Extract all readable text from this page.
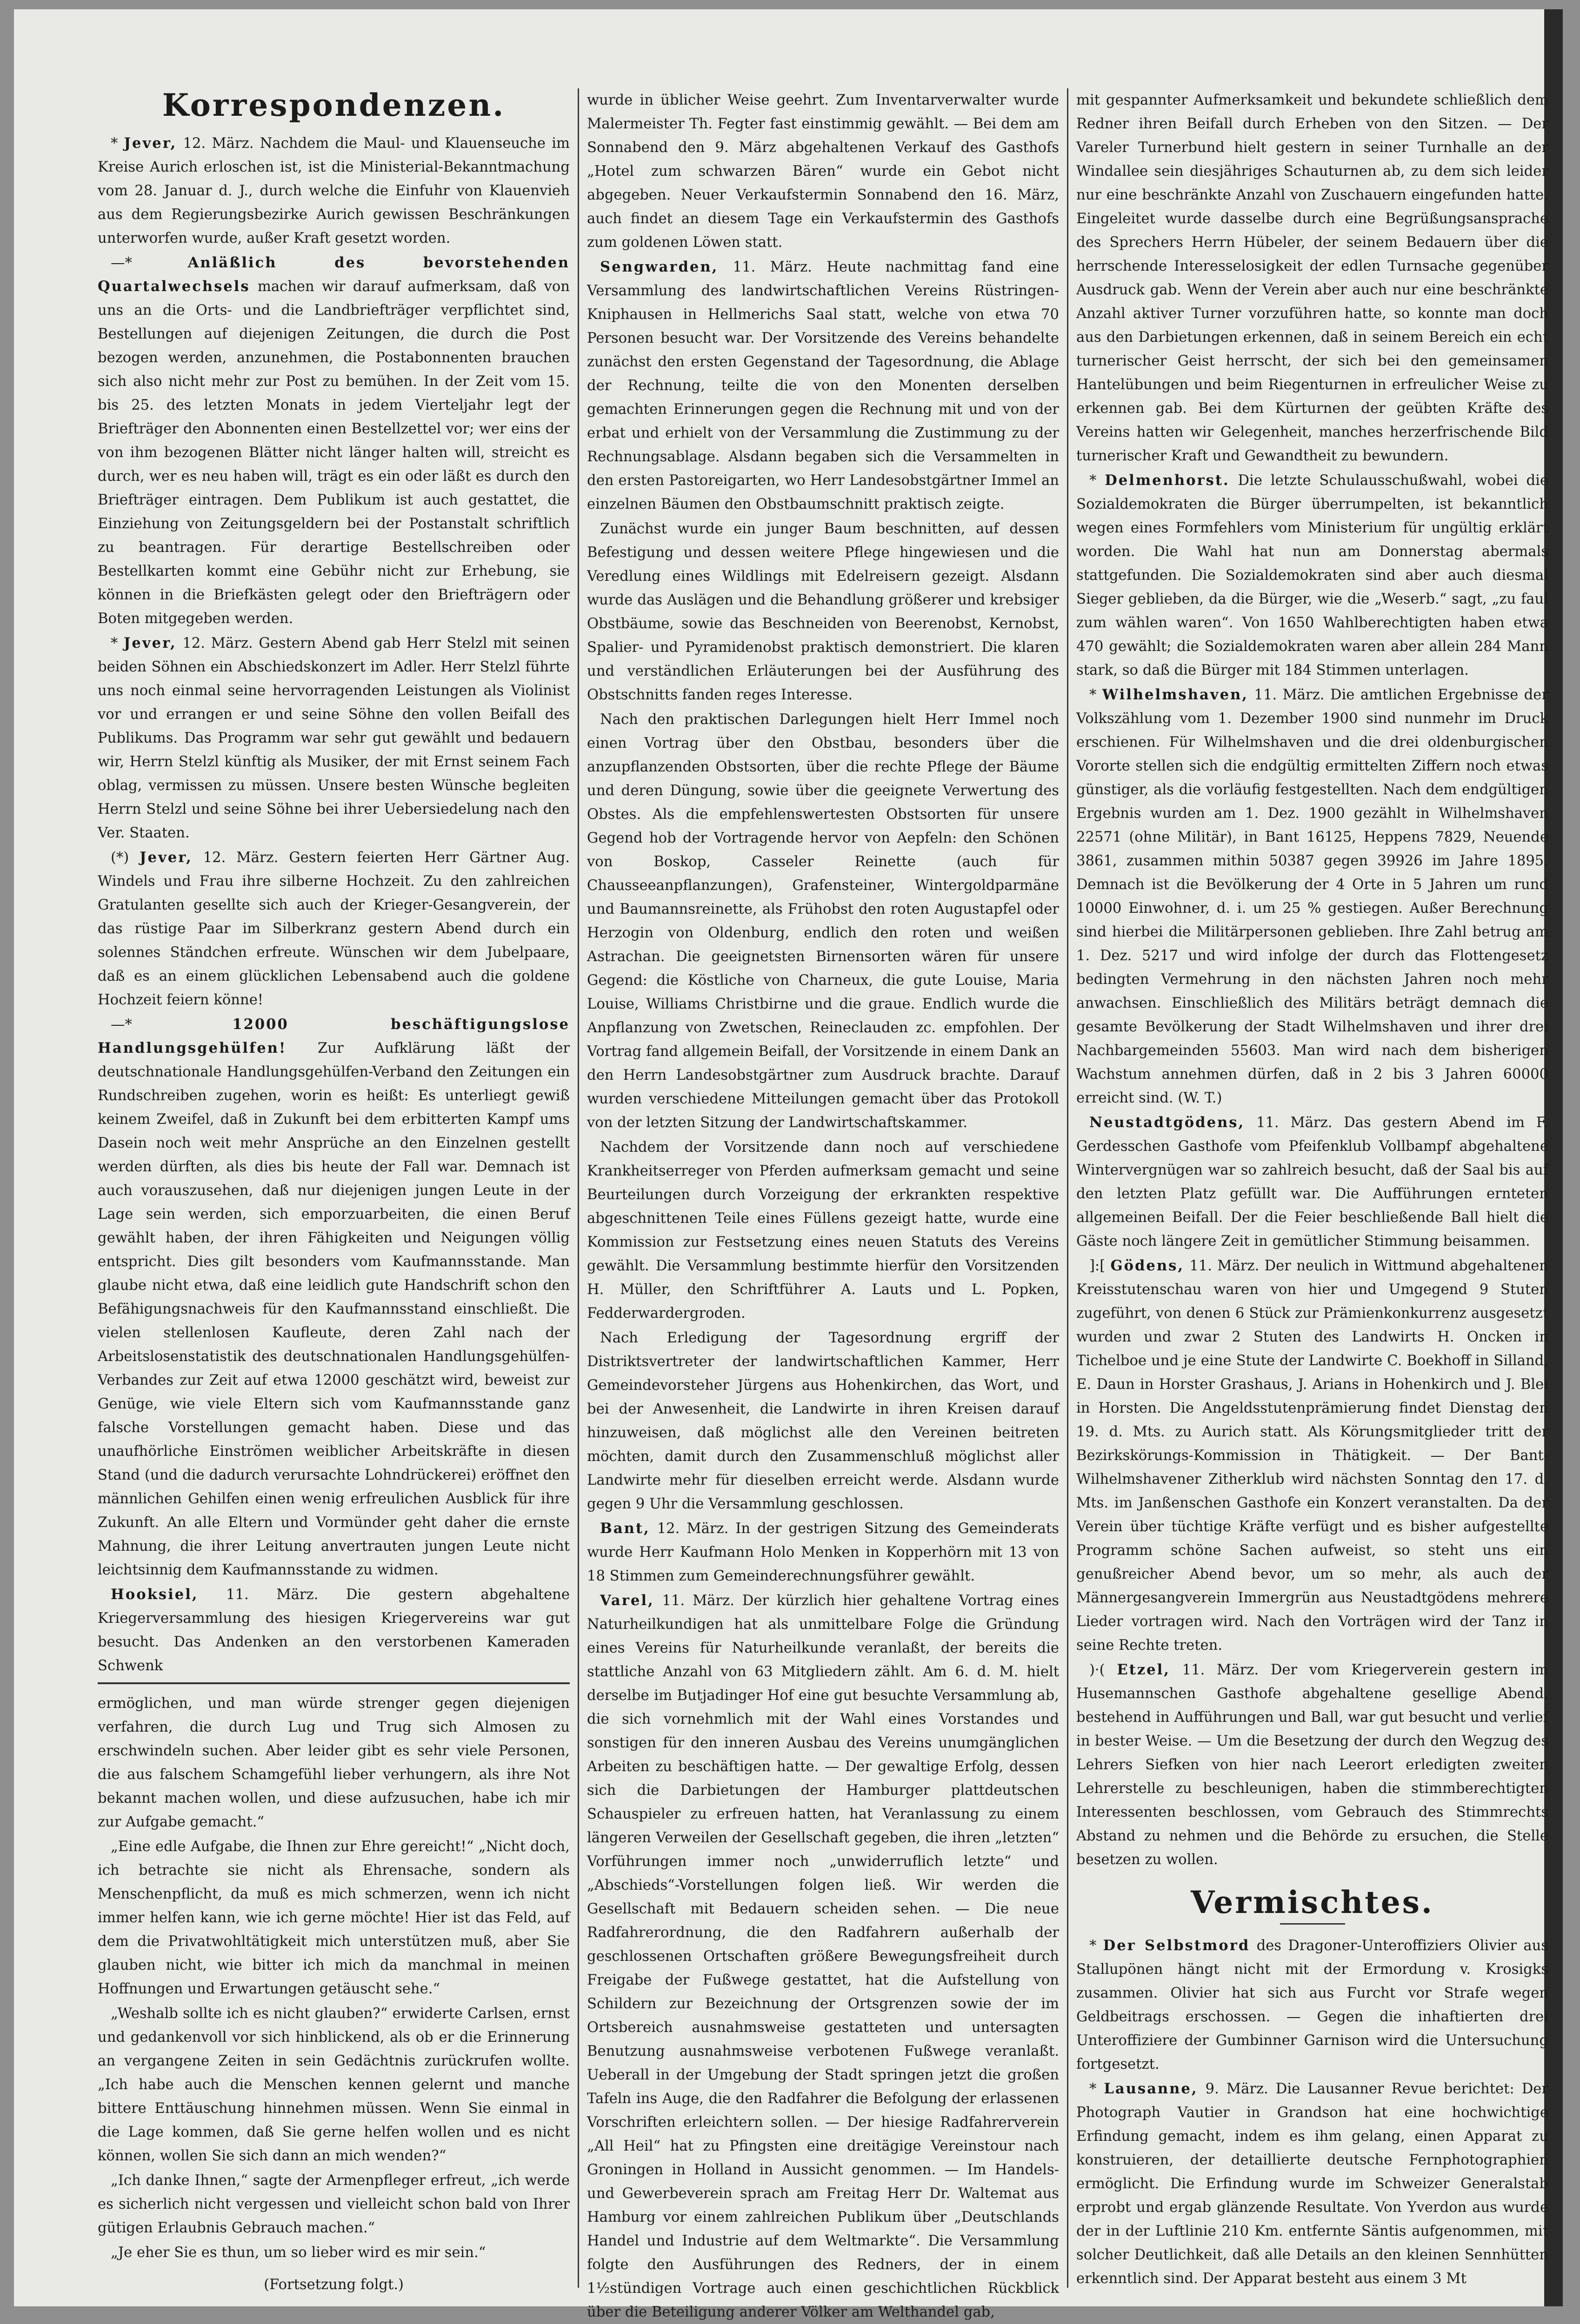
Korrespondenzen.

* Jever, 12. März. Nachdem die Maul- und Klauenseuche im Kreise Aurich erloschen ist, ist die Ministerial-Bekanntmachung vom 28. Januar d. J., durch welche die Einfuhr von Klauenvieh aus dem Regierungsbezirke Aurich gewissen Beschränkungen unterworfen wurde, außer Kraft gesetzt worden.

—* Anläßlich des bevorstehenden Quartalwechsels machen wir darauf aufmerksam, daß von uns an die Orts- und die Landbriefträger verpflichtet sind, Bestellungen auf diejenigen Zeitungen, die durch die Post bezogen werden, anzunehmen, die Postabonnenten brauchen sich also nicht mehr zur Post zu bemühen. In der Zeit vom 15. bis 25. des letzten Monats in jedem Vierteljahr legt der Briefträger den Abonnenten einen Bestellzettel vor; wer eins der von ihm bezogenen Blätter nicht länger halten will, streicht es durch, wer es neu haben will, trägt es ein oder läßt es durch den Briefträger eintragen. Dem Publikum ist auch gestattet, die Einziehung von Zeitungsgeldern bei der Postanstalt schriftlich zu beantragen. Für derartige Bestellschreiben oder Bestellkarten kommt eine Gebühr nicht zur Erhebung, sie können in die Briefkästen gelegt oder den Briefträgern oder Boten mitgegeben werden.

* Jever, 12. März. Gestern Abend gab Herr Stelzl mit seinen beiden Söhnen ein Abschiedskonzert im Adler. Herr Stelzl führte uns noch einmal seine hervorragenden Leistungen als Violinist vor und errangen er und seine Söhne den vollen Beifall des Publikums. Das Programm war sehr gut gewählt und bedauern wir, Herrn Stelzl künftig als Musiker, der mit Ernst seinem Fach oblag, vermissen zu müssen. Unsere besten Wünsche begleiten Herrn Stelzl und seine Söhne bei ihrer Uebersiedelung nach den Ver. Staaten.

(*) Jever, 12. März. Gestern feierten Herr Gärtner Aug. Windels und Frau ihre silberne Hochzeit. Zu den zahlreichen Gratulanten gesellte sich auch der Krieger-Gesangverein, der das rüstige Paar im Silberkranz gestern Abend durch ein solennes Ständchen erfreute. Wünschen wir dem Jubelpaare, daß es an einem glücklichen Lebensabend auch die goldene Hochzeit feiern könne!

—* 12000 beschäftigungslose Handlungsgehülfen! Zur Aufklärung läßt der deutschnationale Handlungsgehülfen-Verband den Zeitungen ein Rundschreiben zugehen, worin es heißt: Es unterliegt gewiß keinem Zweifel, daß in Zukunft bei dem erbitterten Kampf ums Dasein noch weit mehr Ansprüche an den Einzelnen gestellt werden dürften, als dies bis heute der Fall war. Demnach ist auch vorauszusehen, daß nur diejenigen jungen Leute in der Lage sein werden, sich emporzuarbeiten, die einen Beruf gewählt haben, der ihren Fähigkeiten und Neigungen völlig entspricht. Dies gilt besonders vom Kaufmannsstande. Man glaube nicht etwa, daß eine leidlich gute Handschrift schon den Befähigungsnachweis für den Kaufmannsstand einschließt. Die vielen stellenlosen Kaufleute, deren Zahl nach der Arbeitslosenstatistik des deutschnationalen Handlungsgehülfen-Verbandes zur Zeit auf etwa 12000 geschätzt wird, beweist zur Genüge, wie viele Eltern sich vom Kaufmannsstande ganz falsche Vorstellungen gemacht haben. Diese und das unaufhörliche Einströmen weiblicher Arbeitskräfte in diesen Stand (und die dadurch verursachte Lohndrückerei) eröffnet den männlichen Gehilfen einen wenig erfreulichen Ausblick für ihre Zukunft. An alle Eltern und Vormünder geht daher die ernste Mahnung, die ihrer Leitung anvertrauten jungen Leute nicht leichtsinnig dem Kaufmannsstande zu widmen.

Hooksiel, 11. März. Die gestern abgehaltene Kriegerversammlung des hiesigen Kriegervereins war gut besucht. Das Andenken an den verstorbenen Kameraden Schwenk

ermöglichen, und man würde strenger gegen diejenigen verfahren, die durch Lug und Trug sich Almosen zu erschwindeln suchen. Aber leider gibt es sehr viele Personen, die aus falschem Schamgefühl lieber verhungern, als ihre Not bekannt machen wollen, und diese aufzusuchen, habe ich mir zur Aufgabe gemacht.“

„Eine edle Aufgabe, die Ihnen zur Ehre gereicht!“ „Nicht doch, ich betrachte sie nicht als Ehrensache, sondern als Menschenpflicht, da muß es mich schmerzen, wenn ich nicht immer helfen kann, wie ich gerne möchte! Hier ist das Feld, auf dem die Privatwohltätigkeit mich unterstützen muß, aber Sie glauben nicht, wie bitter ich mich da manchmal in meinen Hoffnungen und Erwartungen getäuscht sehe.“

„Weshalb sollte ich es nicht glauben?“ erwiderte Carlsen, ernst und gedankenvoll vor sich hinblickend, als ob er die Erinnerung an vergangene Zeiten in sein Gedächtnis zurückrufen wollte. „Ich habe auch die Menschen kennen gelernt und manche bittere Enttäuschung hinnehmen müssen. Wenn Sie einmal in die Lage kommen, daß Sie gerne helfen wollen und es nicht können, wollen Sie sich dann an mich wenden?“

„Ich danke Ihnen,“ sagte der Armenpfleger erfreut, „ich werde es sicherlich nicht vergessen und vielleicht schon bald von Ihrer gütigen Erlaubnis Gebrauch machen.“

„Je eher Sie es thun, um so lieber wird es mir sein.“

(Fortsetzung folgt.)

wurde in üblicher Weise geehrt. Zum Inventarverwalter wurde Malermeister Th. Fegter fast einstimmig gewählt. — Bei dem am Sonnabend den 9. März abgehaltenen Verkauf des Gasthofs „Hotel zum schwarzen Bären“ wurde ein Gebot nicht abgegeben. Neuer Verkaufstermin Sonnabend den 16. März, auch findet an diesem Tage ein Verkaufstermin des Gasthofs zum goldenen Löwen statt.

Sengwarden, 11. März. Heute nachmittag fand eine Versammlung des landwirtschaftlichen Vereins Rüstringen-Kniphausen in Hellmerichs Saal statt, welche von etwa 70 Personen besucht war. Der Vorsitzende des Vereins behandelte zunächst den ersten Gegenstand der Tagesordnung, die Ablage der Rechnung, teilte die von den Monenten derselben gemachten Erinnerungen gegen die Rechnung mit und von der erbat und erhielt von der Versammlung die Zustimmung zu der Rechnungsablage. Alsdann begaben sich die Versammelten in den ersten Pastoreigarten, wo Herr Landesobstgärtner Immel an einzelnen Bäumen den Obstbaumschnitt praktisch zeigte.

Zunächst wurde ein junger Baum beschnitten, auf dessen Befestigung und dessen weitere Pflege hingewiesen und die Veredlung eines Wildlings mit Edelreisern gezeigt. Alsdann wurde das Auslägen und die Behandlung größerer und krebsiger Obstbäume, sowie das Beschneiden von Beerenobst, Kernobst, Spalier- und Pyramidenobst praktisch demonstriert. Die klaren und verständlichen Erläuterungen bei der Ausführung des Obstschnitts fanden reges Interesse.

Nach den praktischen Darlegungen hielt Herr Immel noch einen Vortrag über den Obstbau, besonders über die anzupflanzenden Obstsorten, über die rechte Pflege der Bäume und deren Düngung, sowie über die geeignete Verwertung des Obstes. Als die empfehlenswertesten Obstsorten für unsere Gegend hob der Vortragende hervor von Aepfeln: den Schönen von Boskop, Casseler Reinette (auch für Chausseeanpflanzungen), Grafensteiner, Wintergoldparmäne und Baumannsreinette, als Frühobst den roten Augustapfel oder Herzogin von Oldenburg, endlich den roten und weißen Astrachan. Die geeignetsten Birnensorten wären für unsere Gegend: die Köstliche von Charneux, die gute Louise, Maria Louise, Williams Christbirne und die graue. Endlich wurde die Anpflanzung von Zwetschen, Reineclauden zc. empfohlen. Der Vortrag fand allgemein Beifall, der Vorsitzende in einem Dank an den Herrn Landesobstgärtner zum Ausdruck brachte. Darauf wurden verschiedene Mitteilungen gemacht über das Protokoll von der letzten Sitzung der Landwirtschaftskammer.

Nachdem der Vorsitzende dann noch auf verschiedene Krankheitserreger von Pferden aufmerksam gemacht und seine Beurteilungen durch Vorzeigung der erkrankten respektive abgeschnittenen Teile eines Füllens gezeigt hatte, wurde eine Kommission zur Festsetzung eines neuen Statuts des Vereins gewählt. Die Versammlung bestimmte hierfür den Vorsitzenden H. Müller, den Schriftführer A. Lauts und L. Popken, Fedderwardergroden.

Nach Erledigung der Tagesordnung ergriff der Distriktsvertreter der landwirtschaftlichen Kammer, Herr Gemeindevorsteher Jürgens aus Hohenkirchen, das Wort, und bei der Anwesenheit, die Landwirte in ihren Kreisen darauf hinzuweisen, daß möglichst alle den Vereinen beitreten möchten, damit durch den Zusammenschluß möglichst aller Landwirte mehr für dieselben erreicht werde. Alsdann wurde gegen 9 Uhr die Versammlung geschlossen.

Bant, 12. März. In der gestrigen Sitzung des Gemeinderats wurde Herr Kaufmann Holo Menken in Kopperhörn mit 13 von 18 Stimmen zum Gemeinderechnungsführer gewählt.

Varel, 11. März. Der kürzlich hier gehaltene Vortrag eines Naturheilkundigen hat als unmittelbare Folge die Gründung eines Vereins für Naturheilkunde veranlaßt, der bereits die stattliche Anzahl von 63 Mitgliedern zählt. Am 6. d. M. hielt derselbe im Butjadinger Hof eine gut besuchte Versammlung ab, die sich vornehmlich mit der Wahl eines Vorstandes und sonstigen für den inneren Ausbau des Vereins unumgänglichen Arbeiten zu beschäftigen hatte. — Der gewaltige Erfolg, dessen sich die Darbietungen der Hamburger plattdeutschen Schauspieler zu erfreuen hatten, hat Veranlassung zu einem längeren Verweilen der Gesellschaft gegeben, die ihren „letzten“ Vorführungen immer noch „unwiderruflich letzte“ und „Abschieds“-Vorstellungen folgen ließ. Wir werden die Gesellschaft mit Bedauern scheiden sehen. — Die neue Radfahrerordnung, die den Radfahrern außerhalb der geschlossenen Ortschaften größere Bewegungsfreiheit durch Freigabe der Fußwege gestattet, hat die Aufstellung von Schildern zur Bezeichnung der Ortsgrenzen sowie der im Ortsbereich ausnahmsweise gestatteten und untersagten Benutzung ausnahmsweise verbotenen Fußwege veranlaßt. Ueberall in der Umgebung der Stadt springen jetzt die großen Tafeln ins Auge, die den Radfahrer die Befolgung der erlassenen Vorschriften erleichtern sollen. — Der hiesige Radfahrerverein „All Heil“ hat zu Pfingsten eine dreitägige Vereinstour nach Groningen in Holland in Aussicht genommen. — Im Handels- und Gewerbeverein sprach am Freitag Herr Dr. Waltemat aus Hamburg vor einem zahlreichen Publikum über „Deutschlands Handel und Industrie auf dem Weltmarkte“. Die Versammlung folgte den Ausführungen des Redners, der in einem 1½stündigen Vortrage auch einen geschichtlichen Rückblick über die Beteiligung anderer Völker am Welthandel gab,

mit gespannter Aufmerksamkeit und bekundete schließlich dem Redner ihren Beifall durch Erheben von den Sitzen. — Der Vareler Turnerbund hielt gestern in seiner Turnhalle an der Windallee sein diesjähriges Schauturnen ab, zu dem sich leider nur eine beschränkte Anzahl von Zuschauern eingefunden hatte. Eingeleitet wurde dasselbe durch eine Begrüßungsansprache des Sprechers Herrn Hübeler, der seinem Bedauern über die herrschende Interesselosigkeit der edlen Turnsache gegenüber Ausdruck gab. Wenn der Verein aber auch nur eine beschränkte Anzahl aktiver Turner vorzuführen hatte, so konnte man doch aus den Darbietungen erkennen, daß in seinem Bereich ein echt turnerischer Geist herrscht, der sich bei den gemeinsamen Hantelübungen und beim Riegenturnen in erfreulicher Weise zu erkennen gab. Bei dem Kürturnen der geübten Kräfte des Vereins hatten wir Gelegenheit, manches herzerfrischende Bild turnerischer Kraft und Gewandtheit zu bewundern.

* Delmenhorst. Die letzte Schulausschußwahl, wobei die Sozialdemokraten die Bürger überrumpelten, ist bekanntlich wegen eines Formfehlers vom Ministerium für ungültig erklärt worden. Die Wahl hat nun am Donnerstag abermals stattgefunden. Die Sozialdemokraten sind aber auch diesmal Sieger geblieben, da die Bürger, wie die „Weserb.“ sagt, „zu faul zum wählen waren“. Von 1650 Wahlberechtigten haben etwa 470 gewählt; die Sozialdemokraten waren aber allein 284 Mann stark, so daß die Bürger mit 184 Stimmen unterlagen.

* Wilhelmshaven, 11. März. Die amtlichen Ergebnisse der Volkszählung vom 1. Dezember 1900 sind nunmehr im Druck erschienen. Für Wilhelmshaven und die drei oldenburgischen Vororte stellen sich die endgültig ermittelten Ziffern noch etwas günstiger, als die vorläufig festgestellten. Nach dem endgültigen Ergebnis wurden am 1. Dez. 1900 gezählt in Wilhelmshaven 22571 (ohne Militär), in Bant 16125, Heppens 7829, Neuende 3861, zusammen mithin 50387 gegen 39926 im Jahre 1895. Demnach ist die Bevölkerung der 4 Orte in 5 Jahren um rund 10000 Einwohner, d. i. um 25 % gestiegen. Außer Berechnung sind hierbei die Militärpersonen geblieben. Ihre Zahl betrug am 1. Dez. 5217 und wird infolge der durch das Flottengesetz bedingten Vermehrung in den nächsten Jahren noch mehr anwachsen. Einschließlich des Militärs beträgt demnach die gesamte Bevölkerung der Stadt Wilhelmshaven und ihrer drei Nachbargemeinden 55603. Man wird nach dem bisherigen Wachstum annehmen dürfen, daß in 2 bis 3 Jahren 60000 erreicht sind. (W. T.)

Neustadtgödens, 11. März. Das gestern Abend im F. Gerdesschen Gasthofe vom Pfeifenklub Vollbampf abgehaltene Wintervergnügen war so zahlreich besucht, daß der Saal bis auf den letzten Platz gefüllt war. Die Aufführungen ernteten allgemeinen Beifall. Der die Feier beschließende Ball hielt die Gäste noch längere Zeit in gemütlicher Stimmung beisammen.

]:[ Gödens, 11. März. Der neulich in Wittmund abgehaltenen Kreisstutenschau waren von hier und Umgegend 9 Stuten zugeführt, von denen 6 Stück zur Prämienkonkurrenz ausgesetzt wurden und zwar 2 Stuten des Landwirts H. Oncken in Tichelboe und je eine Stute der Landwirte C. Boekhoff in Silland, E. Daun in Horster Grashaus, J. Arians in Hohenkirch und J. Blei in Horsten. Die Angeldsstutenprämierung findet Dienstag den 19. d. Mts. zu Aurich statt. Als Körungsmitglieder tritt der Bezirkskörungs-Kommission in Thätigkeit. — Der Bant-Wilhelmshavener Zitherklub wird nächsten Sonntag den 17. d. Mts. im Janßenschen Gasthofe ein Konzert veranstalten. Da der Verein über tüchtige Kräfte verfügt und es bisher aufgestellte Programm schöne Sachen aufweist, so steht uns ein genußreicher Abend bevor, um so mehr, als auch der Männergesangverein Immergrün aus Neustadtgödens mehrere Lieder vortragen wird. Nach den Vorträgen wird der Tanz in seine Rechte treten.

)·( Etzel, 11. März. Der vom Kriegerverein gestern im Husemannschen Gasthofe abgehaltene gesellige Abend, bestehend in Aufführungen und Ball, war gut besucht und verlief in bester Weise. — Um die Besetzung der durch den Wegzug des Lehrers Siefken von hier nach Leerort erledigten zweiten Lehrerstelle zu beschleunigen, haben die stimmberechtigten Interessenten beschlossen, vom Gebrauch des Stimmrechts Abstand zu nehmen und die Behörde zu ersuchen, die Stelle besetzen zu wollen.

Vermischtes.

* Der Selbstmord des Dragoner-Unteroffiziers Olivier aus Stallupönen hängt nicht mit der Ermordung v. Krosigks zusammen. Olivier hat sich aus Furcht vor Strafe wegen Geldbeitrags erschossen. — Gegen die inhaftierten drei Unteroffiziere der Gumbinner Garnison wird die Untersuchung fortgesetzt.

* Lausanne, 9. März. Die Lausanner Revue berichtet: Der Photograph Vautier in Grandson hat eine hochwichtige Erfindung gemacht, indem es ihm gelang, einen Apparat zu konstruieren, der detaillierte deutsche Fernphotographien ermöglicht. Die Erfindung wurde im Schweizer Generalstab erprobt und ergab glänzende Resultate. Von Yverdon aus wurde der in der Luftlinie 210 Km. entfernte Säntis aufgenommen, mit solcher Deutlichkeit, daß alle Details an den kleinen Sennhütten erkenntlich sind. Der Apparat besteht aus einem 3 Mt
